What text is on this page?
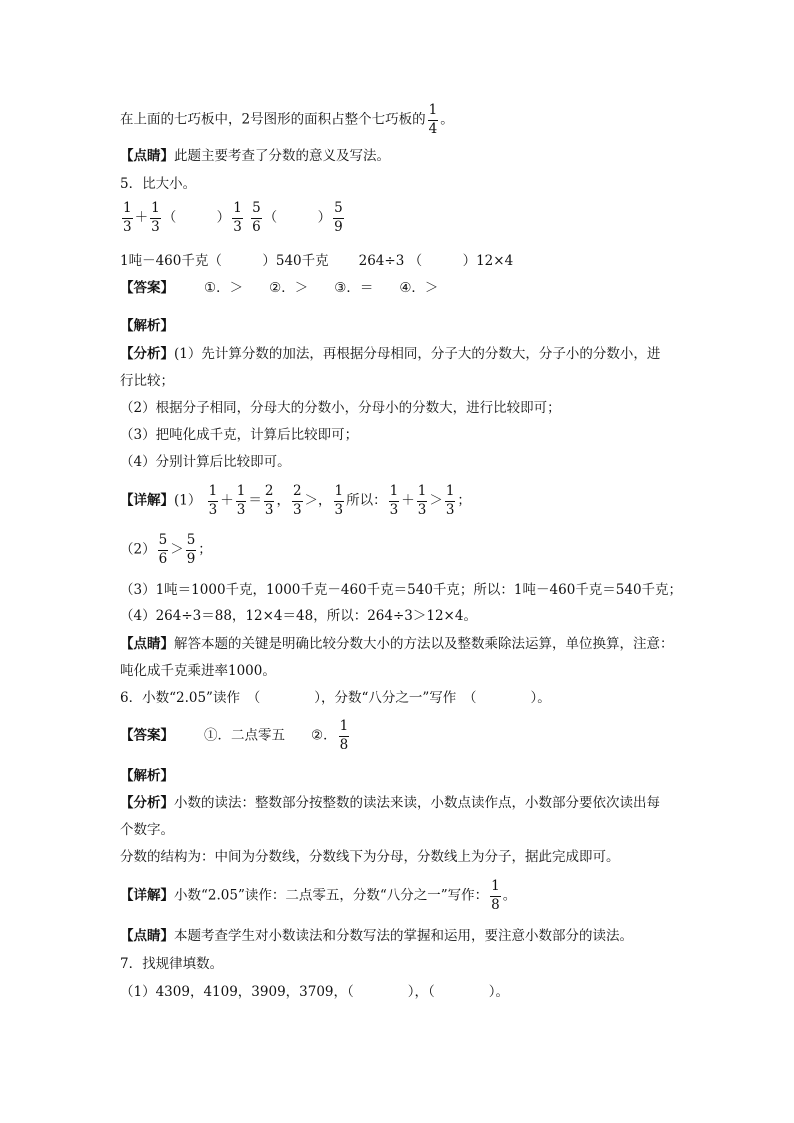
在上面的七巧板中，2号图形的面积占整个七巧板的 $\frac{1}{4}$ 。
【点睛】此题主要考查了分数的意义及写法。
5．比大小。
$\frac{1}{3} + \frac{1}{3}$ （　　　） $\frac{1}{3}$
$\frac{5}{6}$ （　　　） $\frac{5}{9}$
1吨－460千克（　　　）540千克 264÷3 （　　　）12×4
【答案】 ①．＞ ②．＞ ③．＝ ④．＞
【解析】
【分析】(1）先计算分数的加法，再根据分母相同，分子大的分数大，分子小的分数小，进
行比较；
（2）根据分子相同，分母大的分数小，分母小的分数大，进行比较即可；
（3）把吨化成千克，计算后比较即可；
（4）分别计算后比较即可。
【详解】$(1) \frac{1}{3} + \frac{1}{3} = \frac{2}{3}$ ， $\frac{2}{3}$ ＞， $\frac{1}{3}$ 所以： $\frac{1}{3} + \frac{1}{3} > \frac{1}{3}$ ；
$(2) \frac{5}{6} > \frac{5}{9}$ ；
（3）1吨＝1000千克，1000千克－460千克＝540千克；所以：1吨－460千克＝540千克；
（4）264÷3＝88，12×4＝48，所以：264÷3＞12×4。
【点睛】解答本题的关键是明确比较分数大小的方法以及整数乘除法运算，单位换算，注意：
吨化成千克乘进率1000。
6．小数“2.05”读作　（　　　　），分数“八分之一”写作　（　　　　）。
【答案】 ①．二点零五 ②． $\frac{1}{8}$
【解析】
【分析】小数的读法：整数部分按整数的读法来读，小数点读作点，小数部分要依次读出每
个数字。
分数的结构为：中间为分数线，分数线下为分母，分数线上为分子，据此完成即可。
【详解】小数“2.05”读作：二点零五，分数“八分之一”写作： $\frac{1}{8}$ 。
【点睛】本题考查学生对小数读法和分数写法的掌握和运用，要注意小数部分的读法。
7．找规律填数。
（1）4309，4109，3909，3709，（　　　　），（　　　　）。
